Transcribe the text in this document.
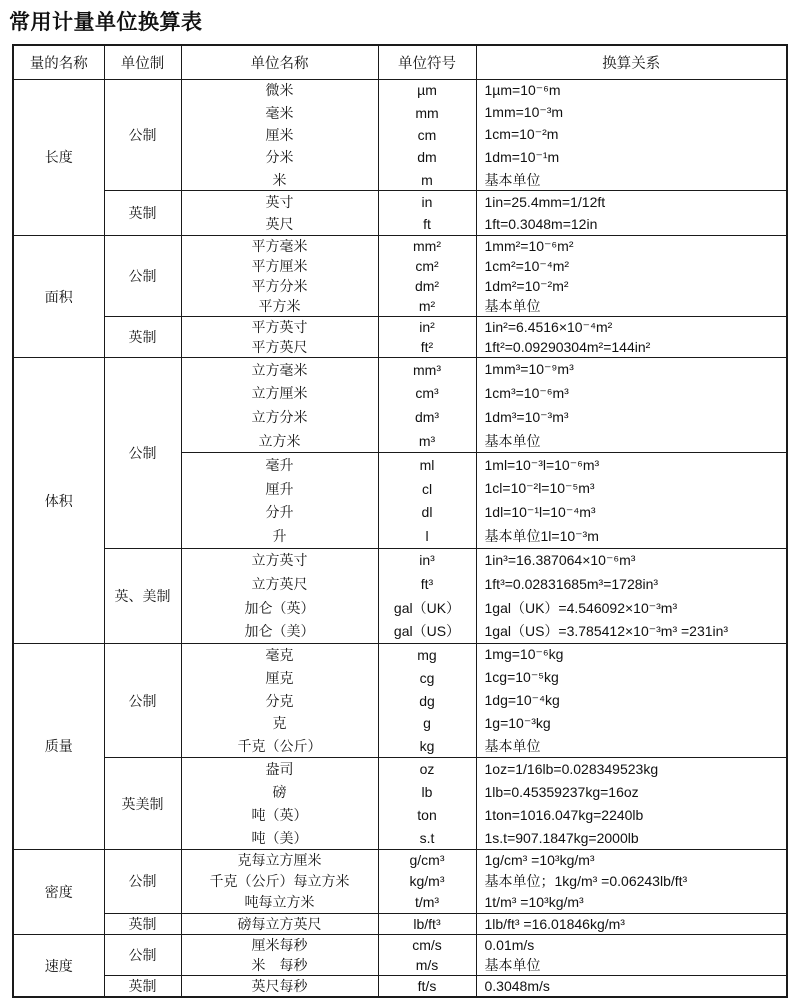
常用计量单位换算表
量的名称	单位制	单位名称	单位符号	换算关系
长度	公制	微米	µm	1µm=10⁻⁶m
		毫米	mm	1mm=10⁻³m
		厘米	cm	1cm=10⁻²m
		分米	dm	1dm=10⁻¹m
		米	m	基本单位
	英制	英寸	in	1in=25.4mm=1/12ft
		英尺	ft	1ft=0.3048m=12in
面积	公制	平方毫米	mm²	1mm²=10⁻⁶m²
		平方厘米	cm²	1cm²=10⁻⁴m²
		平方分米	dm²	1dm²=10⁻²m²
		平方米	m²	基本单位
	英制	平方英寸	in²	1in²=6.4516×10⁻⁴m²
		平方英尺	ft²	1ft²=0.09290304m²=144in²
体积	公制	立方毫米	mm³	1mm³=10⁻⁹m³
		立方厘米	cm³	1cm³=10⁻⁶m³
		立方分米	dm³	1dm³=10⁻³m³
		立方米	m³	基本单位
		毫升	ml	1ml=10⁻³l=10⁻⁶m³
		厘升	cl	1cl=10⁻²l=10⁻⁵m³
		分升	dl	1dl=10⁻¹l=10⁻⁴m³
		升	l	基本单位1l=10⁻³m
	英、美制	立方英寸	in³	1in³=16.387064×10⁻⁶m³
		立方英尺	ft³	1ft³=0.02831685m³=1728in³
		加仑（英）	gal（UK）	1gal（UK）=4.546092×10⁻³m³
		加仑（美）	gal（US）	1gal（US）=3.785412×10⁻³m³ =231in³
质量	公制	毫克	mg	1mg=10⁻⁶kg
		厘克	cg	1cg=10⁻⁵kg
		分克	dg	1dg=10⁻⁴kg
		克	g	1g=10⁻³kg
		千克（公斤）	kg	基本单位
	英美制	盎司	oz	1oz=1/16lb=0.028349523kg
		磅	lb	1lb=0.45359237kg=16oz
		吨（英）	ton	1ton=1016.047kg=2240lb
		吨（美）	s.t	1s.t=907.1847kg=2000lb
密度	公制	克每立方厘米	g/cm³	1g/cm³ =10³kg/m³
		千克（公斤）每立方米	kg/m³	基本单位；1kg/m³ =0.06243lb/ft³
		吨每立方米	t/m³	1t/m³ =10³kg/m³
	英制	磅每立方英尺	lb/ft³	1lb/ft³ =16.01846kg/m³
速度	公制	厘米每秒	cm/s	0.01m/s
		米　每秒	m/s	基本单位
	英制	英尺每秒	ft/s	0.3048m/s
